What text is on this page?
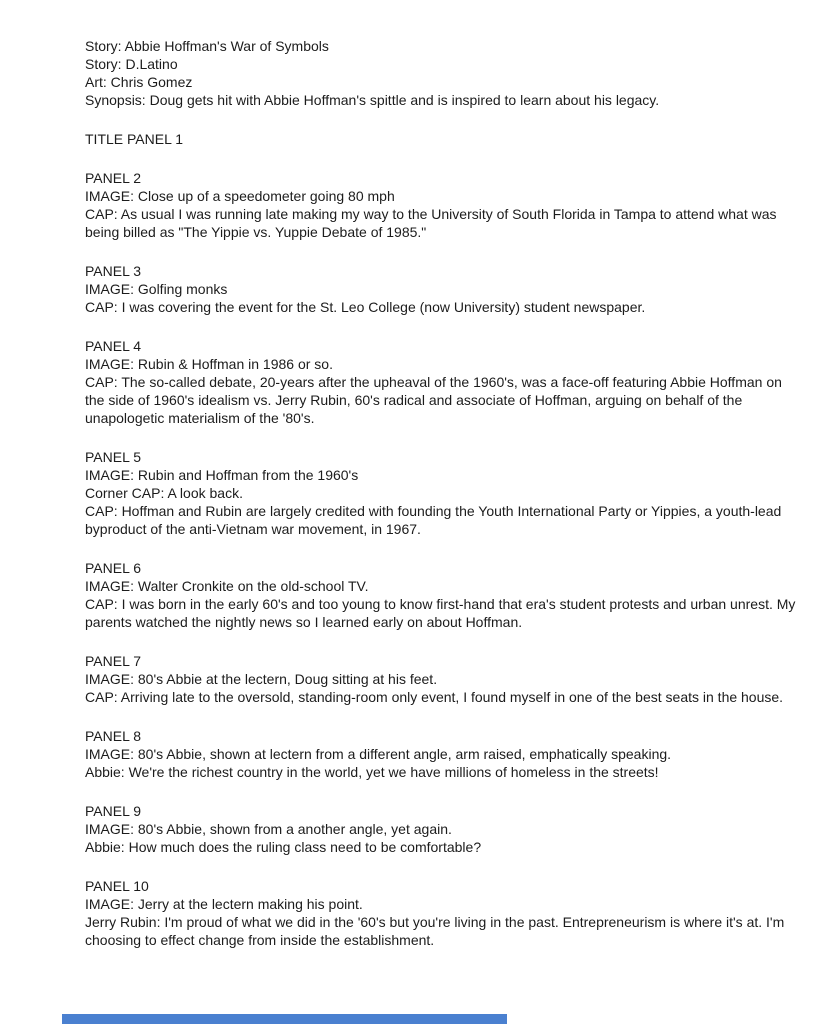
Story: Abbie Hoffman's War of Symbols

Story: D.Latino

Art: Chris Gomez

Synopsis: Doug gets hit with Abbie Hoffman's spittle and is inspired to learn about his legacy.

TITLE PANEL 1

PANEL 2

IMAGE: Close up of a speedometer going 80 mph

CAP: As usual I was running late making my way to the University of South Florida in Tampa to attend what was being billed as "The Yippie vs. Yuppie Debate of 1985."

PANEL 3

IMAGE: Golfing monks

CAP: I was covering the event for the St. Leo College (now University) student newspaper.

PANEL 4

IMAGE: Rubin & Hoffman in 1986 or so.

CAP: The so-called debate, 20-years after the upheaval of the 1960's, was a face-off featuring Abbie Hoffman on the side of 1960's idealism vs. Jerry Rubin, 60's radical and associate of Hoffman, arguing on behalf of the unapologetic materialism of the '80's.

PANEL 5

IMAGE: Rubin and Hoffman from the 1960's

Corner CAP: A look back.

CAP: Hoffman and Rubin are largely credited with founding the Youth International Party or Yippies, a youth-lead byproduct of the anti-Vietnam war movement, in 1967.

PANEL 6

IMAGE: Walter Cronkite on the old-school TV.

CAP: I was born in the early 60's and too young to know first-hand that era's student protests and urban unrest. My parents watched the nightly news so I learned early on about Hoffman.

PANEL 7

IMAGE: 80's Abbie at the lectern, Doug sitting at his feet.

CAP: Arriving late to the oversold, standing-room only event, I found myself in one of the best seats in the house.

PANEL 8

IMAGE: 80's Abbie, shown at lectern from a different angle, arm raised, emphatically speaking.

Abbie: We're the richest country in the world, yet we have millions of homeless in the streets!

PANEL 9

IMAGE: 80's Abbie, shown from a another angle, yet again.

Abbie: How much does the ruling class need to be comfortable?

PANEL 10

IMAGE: Jerry at the lectern making his point.

Jerry Rubin: I'm proud of what we did in the '60's but you're living in the past. Entrepreneurism is where it's at. I'm choosing to effect change from inside the establishment.
